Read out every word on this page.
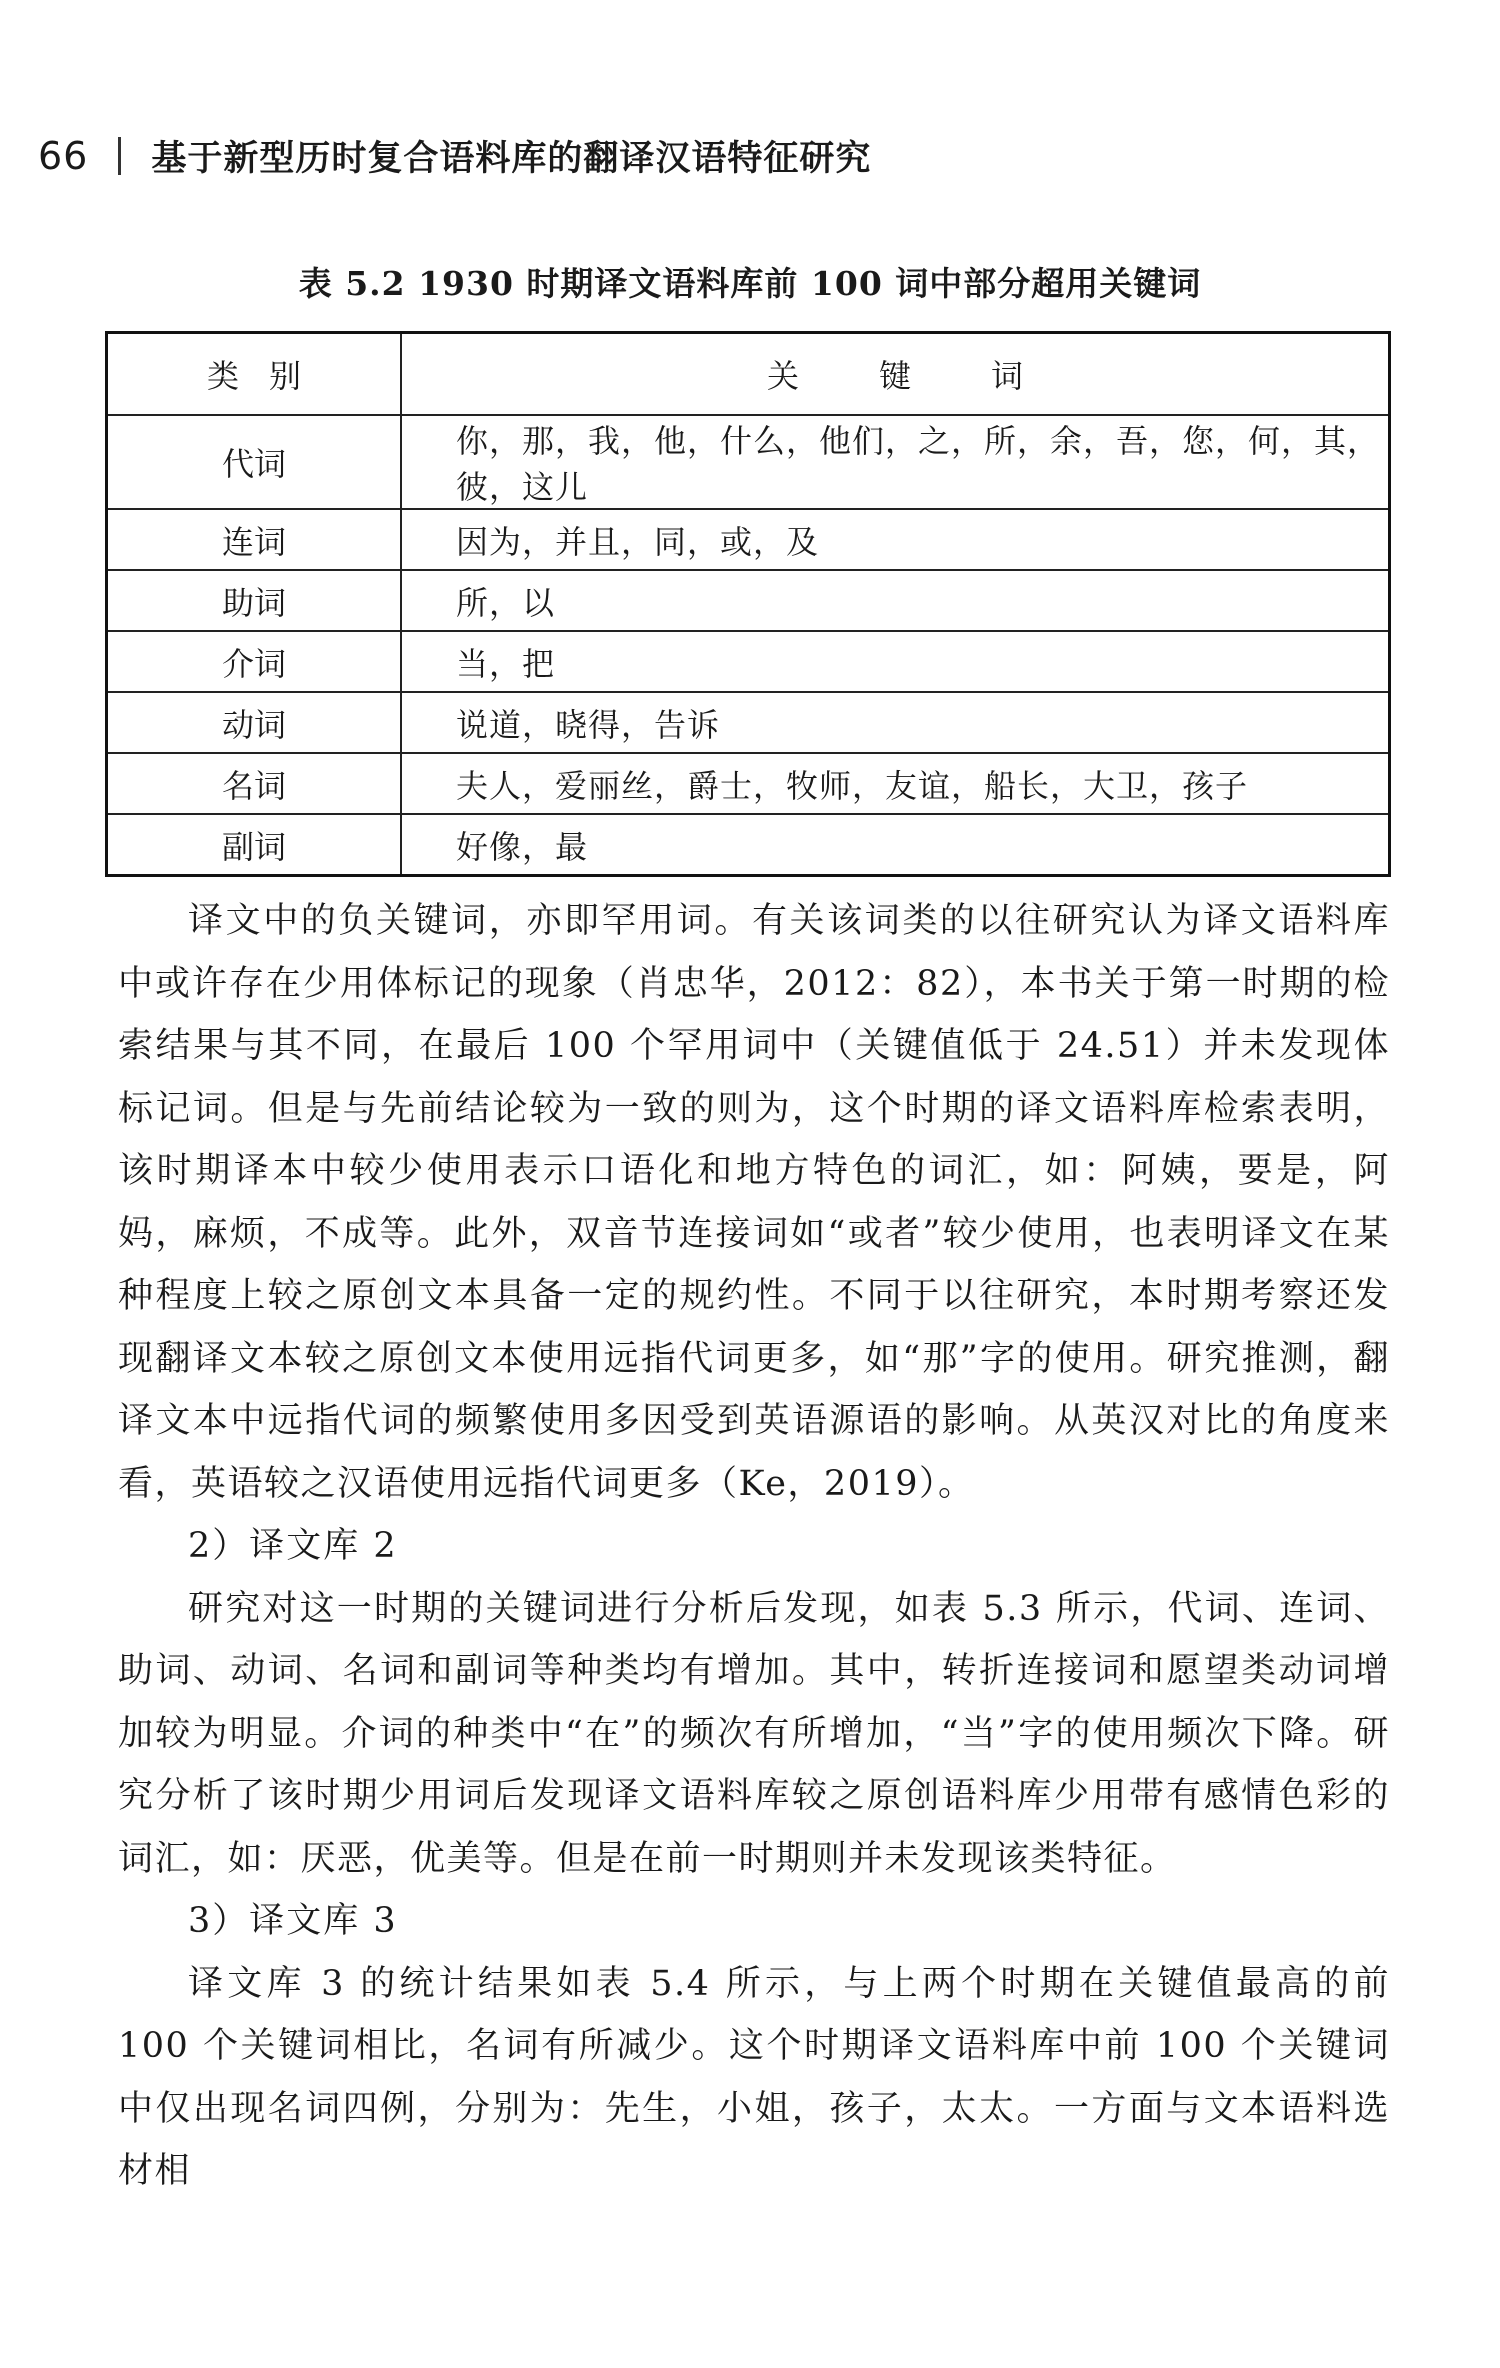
66 基于新型历时复合语料库的翻译汉语特征研究
表 5.2 1930 时期译文语料库前 100 词中部分超用关键词
类别	关键词
代词	你，那，我，他，什么，他们，之，所，余，吾，您，何，其，彼，这儿
连词	因为，并且，同，或，及
助词	所，以
介词	当，把
动词	说道，晓得，告诉
名词	夫人，爱丽丝，爵士，牧师，友谊，船长，大卫，孩子
副词	好像，最

译文中的负关键词，亦即罕用词。有关该词类的以往研究认为译文语料库中或许存在少用体标记的现象（肖忠华，2012：82），本书关于第一时期的检索结果与其不同，在最后 100 个罕用词中（关键值低于 24.51）并未发现体标记词。但是与先前结论较为一致的则为，这个时期的译文语料库检索表明，该时期译本中较少使用表示口语化和地方特色的词汇，如：阿姨，要是，阿妈，麻烦，不成等。此外，双音节连接词如“或者”较少使用，也表明译文在某种程度上较之原创文本具备一定的规约性。不同于以往研究，本时期考察还发现翻译文本较之原创文本使用远指代词更多，如“那”字的使用。研究推测，翻译文本中远指代词的频繁使用多因受到英语源语的影响。从英汉对比的角度来看，英语较之汉语使用远指代词更多（Ke，2019）。

2）译文库 2

研究对这一时期的关键词进行分析后发现，如表 5.3 所示，代词、连词、助词、动词、名词和副词等种类均有增加。其中，转折连接词和愿望类动词增加较为明显。介词的种类中“在”的频次有所增加，“当”字的使用频次下降。研究分析了该时期少用词后发现译文语料库较之原创语料库少用带有感情色彩的词汇，如：厌恶，优美等。但是在前一时期则并未发现该类特征。

3）译文库 3

译文库 3 的统计结果如表 5.4 所示，与上两个时期在关键值最高的前 100 个关键词相比，名词有所减少。这个时期译文语料库中前 100 个关键词中仅出现名词四例，分别为：先生，小姐，孩子，太太。一方面与文本语料选材相
